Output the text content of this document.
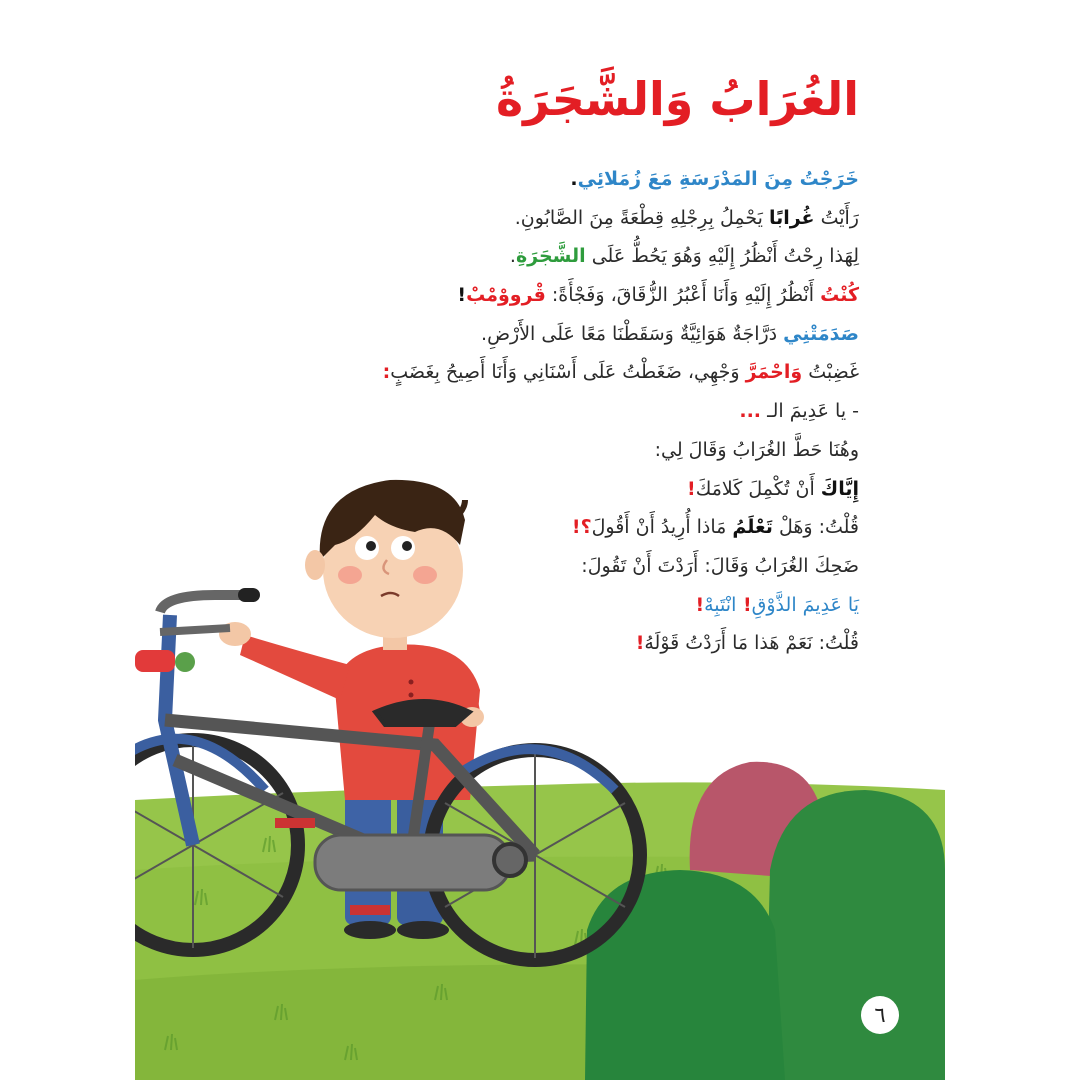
الغُرَابُ وَالشَّجَرَةُ
خَرَجْتُ مِنَ المَدْرَسَةِ مَعَ زُمَلائِي.
رَأَيْتُ غُرابًا يَحْمِلُ بِرِجْلِهِ قِطْعَةً مِنَ الصَّابُونِ.
لِهَذا رِحْتُ أَنْظُرُ إِلَيْهِ وَهُوَ يَحُطُّ عَلَى الشَّجَرَةِ.
كُنْتُ أَنْظُرُ إِلَيْهِ وَأَنَا أَعْبُرُ الزُّقَاقَ، وَفَجْأَةً: قْرووْمْبْ!
صَدَمَتْنِي دَرَّاجَةٌ هَوَائِيَّةٌ وَسَقَطْنَا مَعًا عَلَى الأَرْضِ.
غَضِبْتُ وَاحْمَرَّ وَجْهِي، ضَغَطْتُ عَلَى أَسْنَانِي وَأَنَا أَصِيحُ بِغَضَبٍ:
- يا عَدِيمَ الـ ...
وهُنَا حَطَّ الغُرَابُ وَقَالَ لِي:
إِيَّاكَ أَنْ تُكْمِلَ كَلامَكَ!
قُلْتُ: وَهَلْ تَعْلَمُ مَاذا أُرِيدُ أَنْ أَقُولَ؟!
ضَحِكَ الغُرَابُ وَقَالَ: أَرَدْتَ أَنْ تَقُولَ:
يَا عَدِيمَ الذَّوْقِ! انْتَبِهْ!
قُلْتُ: نَعَمْ هَذا مَا أَرَدْتُ قَوْلَهُ!
٦
